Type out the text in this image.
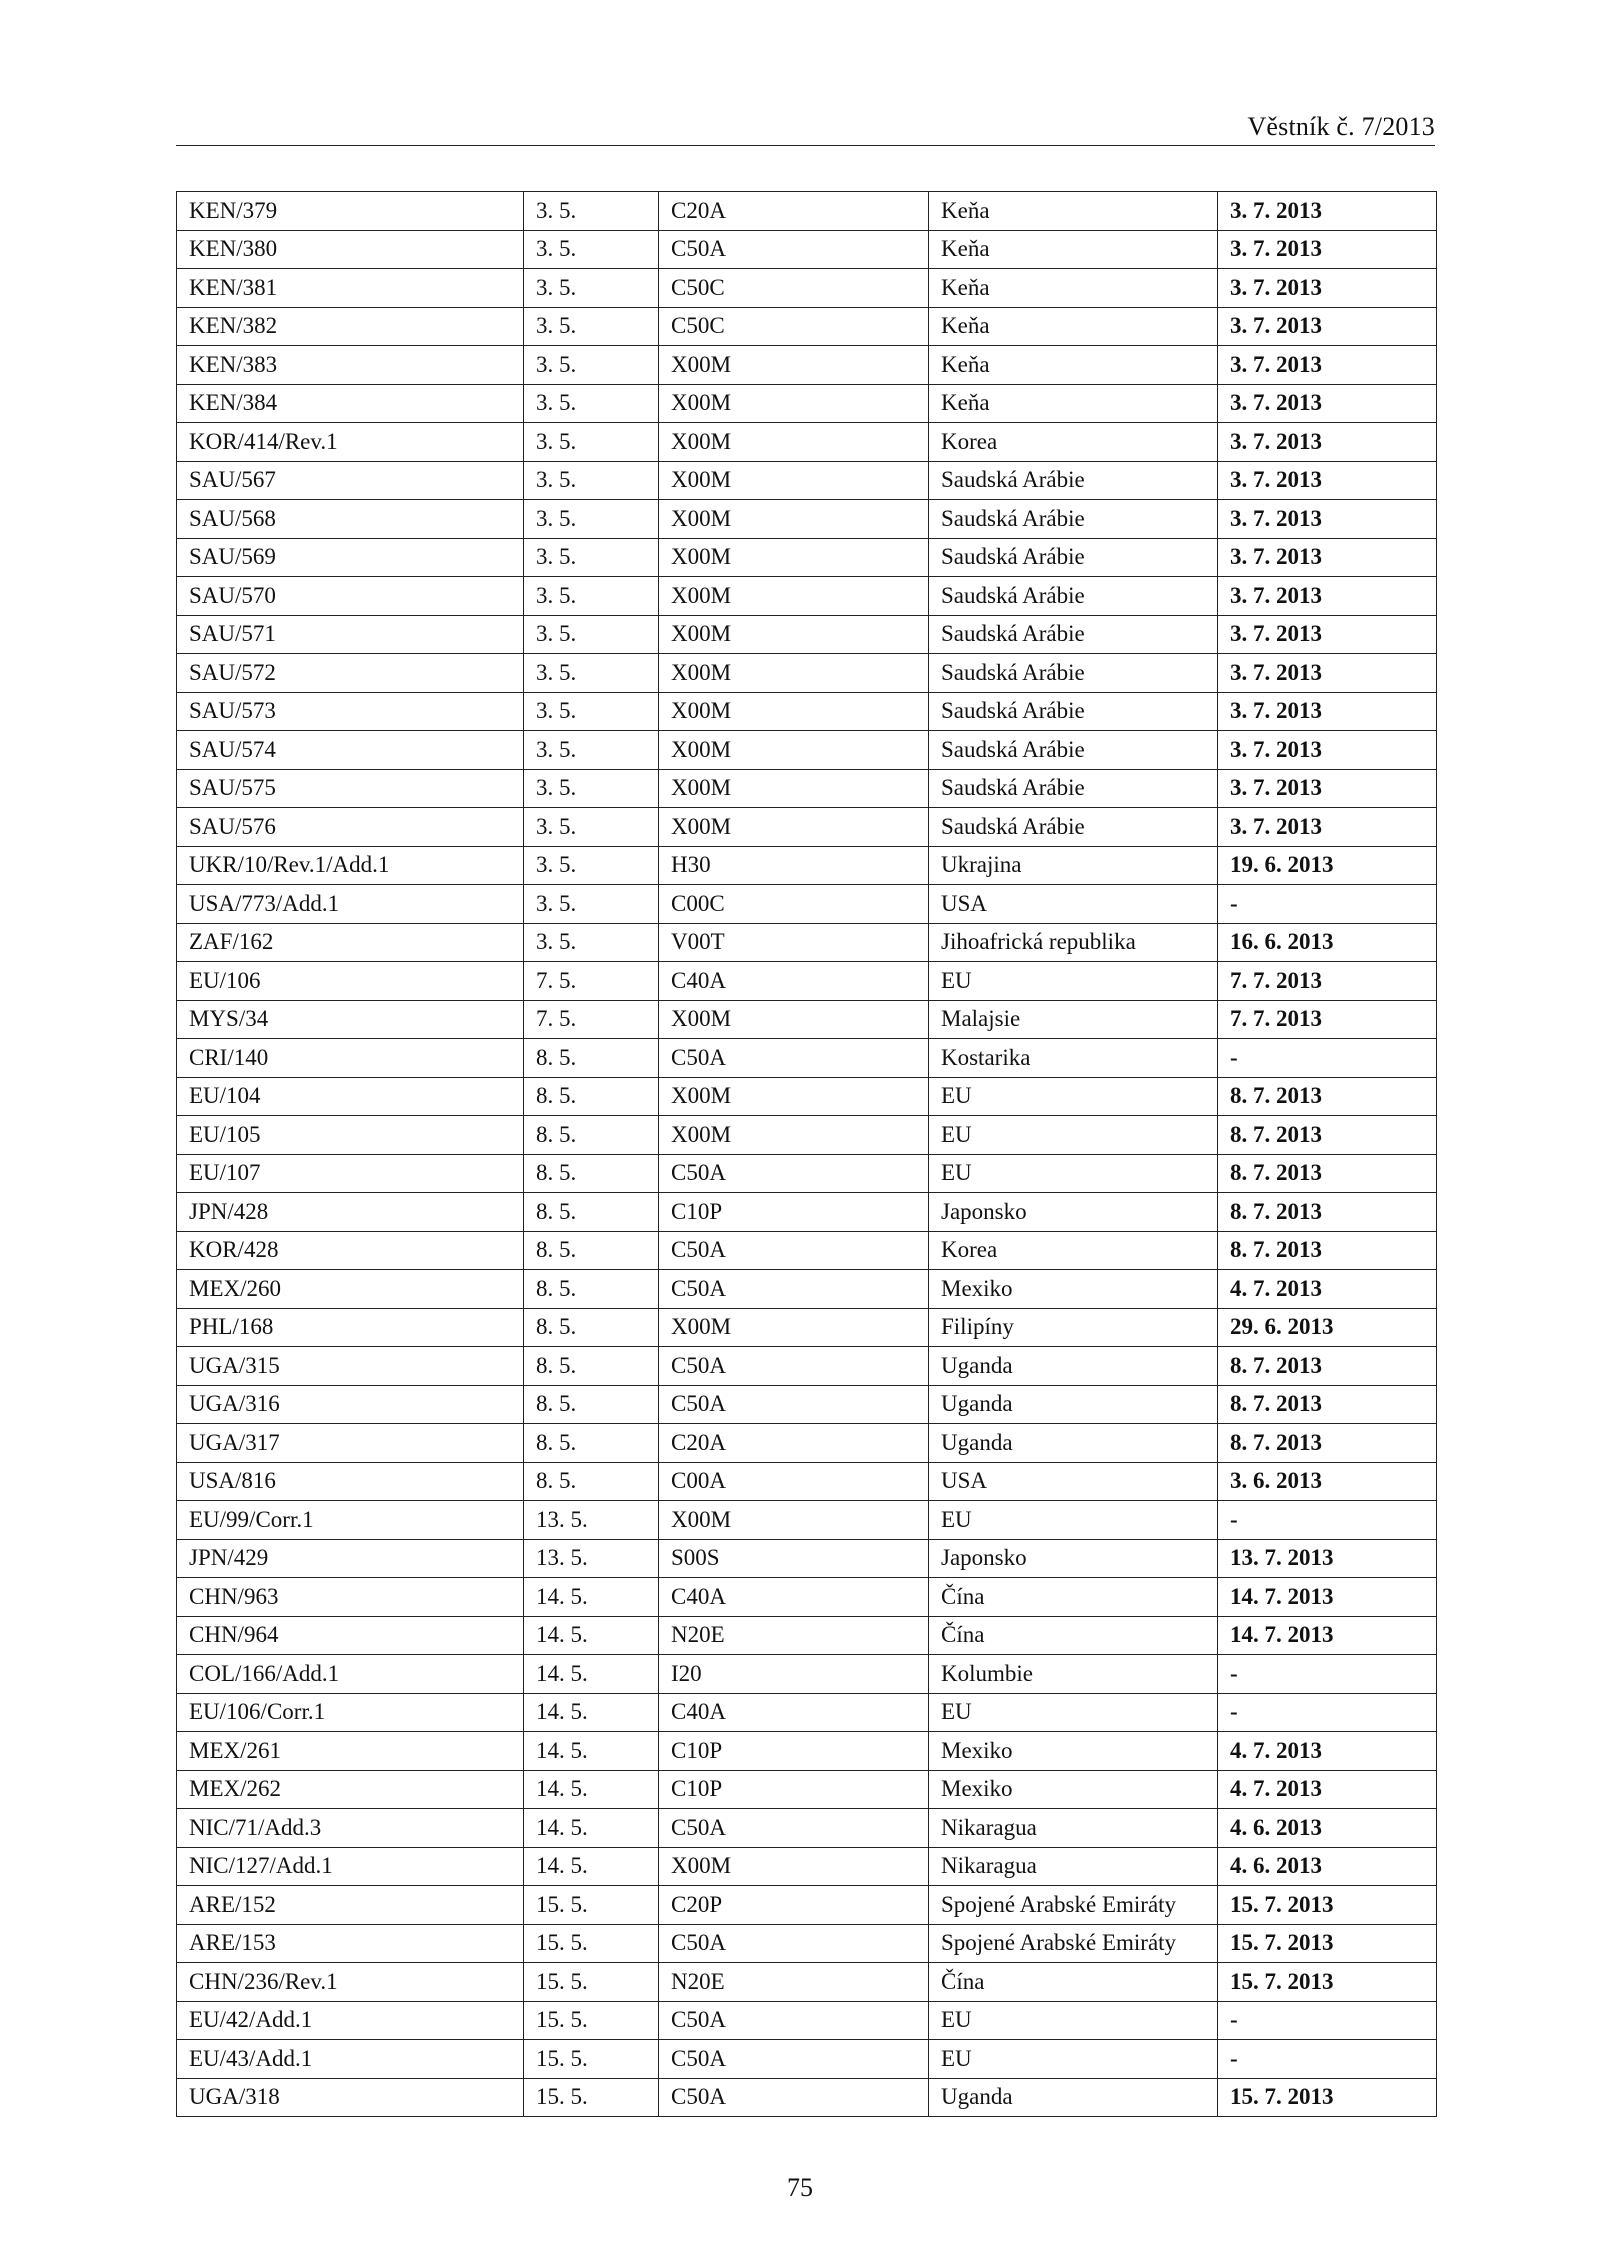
Věstník č. 7/2013
KEN/379	3. 5.	C20A	Keňa	3. 7. 2013
KEN/380	3. 5.	C50A	Keňa	3. 7. 2013
KEN/381	3. 5.	C50C	Keňa	3. 7. 2013
KEN/382	3. 5.	C50C	Keňa	3. 7. 2013
KEN/383	3. 5.	X00M	Keňa	3. 7. 2013
KEN/384	3. 5.	X00M	Keňa	3. 7. 2013
KOR/414/Rev.1	3. 5.	X00M	Korea	3. 7. 2013
SAU/567	3. 5.	X00M	Saudská Arábie	3. 7. 2013
SAU/568	3. 5.	X00M	Saudská Arábie	3. 7. 2013
SAU/569	3. 5.	X00M	Saudská Arábie	3. 7. 2013
SAU/570	3. 5.	X00M	Saudská Arábie	3. 7. 2013
SAU/571	3. 5.	X00M	Saudská Arábie	3. 7. 2013
SAU/572	3. 5.	X00M	Saudská Arábie	3. 7. 2013
SAU/573	3. 5.	X00M	Saudská Arábie	3. 7. 2013
SAU/574	3. 5.	X00M	Saudská Arábie	3. 7. 2013
SAU/575	3. 5.	X00M	Saudská Arábie	3. 7. 2013
SAU/576	3. 5.	X00M	Saudská Arábie	3. 7. 2013
UKR/10/Rev.1/Add.1	3. 5.	H30	Ukrajina	19. 6. 2013
USA/773/Add.1	3. 5.	C00C	USA	-
ZAF/162	3. 5.	V00T	Jihoafrická republika	16. 6. 2013
EU/106	7. 5.	C40A	EU	7. 7. 2013
MYS/34	7. 5.	X00M	Malajsie	7. 7. 2013
CRI/140	8. 5.	C50A	Kostarika	-
EU/104	8. 5.	X00M	EU	8. 7. 2013
EU/105	8. 5.	X00M	EU	8. 7. 2013
EU/107	8. 5.	C50A	EU	8. 7. 2013
JPN/428	8. 5.	C10P	Japonsko	8. 7. 2013
KOR/428	8. 5.	C50A	Korea	8. 7. 2013
MEX/260	8. 5.	C50A	Mexiko	4. 7. 2013
PHL/168	8. 5.	X00M	Filipíny	29. 6. 2013
UGA/315	8. 5.	C50A	Uganda	8. 7. 2013
UGA/316	8. 5.	C50A	Uganda	8. 7. 2013
UGA/317	8. 5.	C20A	Uganda	8. 7. 2013
USA/816	8. 5.	C00A	USA	3. 6. 2013
EU/99/Corr.1	13. 5.	X00M	EU	-
JPN/429	13. 5.	S00S	Japonsko	13. 7. 2013
CHN/963	14. 5.	C40A	Čína	14. 7. 2013
CHN/964	14. 5.	N20E	Čína	14. 7. 2013
COL/166/Add.1	14. 5.	I20	Kolumbie	-
EU/106/Corr.1	14. 5.	C40A	EU	-
MEX/261	14. 5.	C10P	Mexiko	4. 7. 2013
MEX/262	14. 5.	C10P	Mexiko	4. 7. 2013
NIC/71/Add.3	14. 5.	C50A	Nikaragua	4. 6. 2013
NIC/127/Add.1	14. 5.	X00M	Nikaragua	4. 6. 2013
ARE/152	15. 5.	C20P	Spojené Arabské Emiráty	15. 7. 2013
ARE/153	15. 5.	C50A	Spojené Arabské Emiráty	15. 7. 2013
CHN/236/Rev.1	15. 5.	N20E	Čína	15. 7. 2013
EU/42/Add.1	15. 5.	C50A	EU	-
EU/43/Add.1	15. 5.	C50A	EU	-
UGA/318	15. 5.	C50A	Uganda	15. 7. 2013
75
